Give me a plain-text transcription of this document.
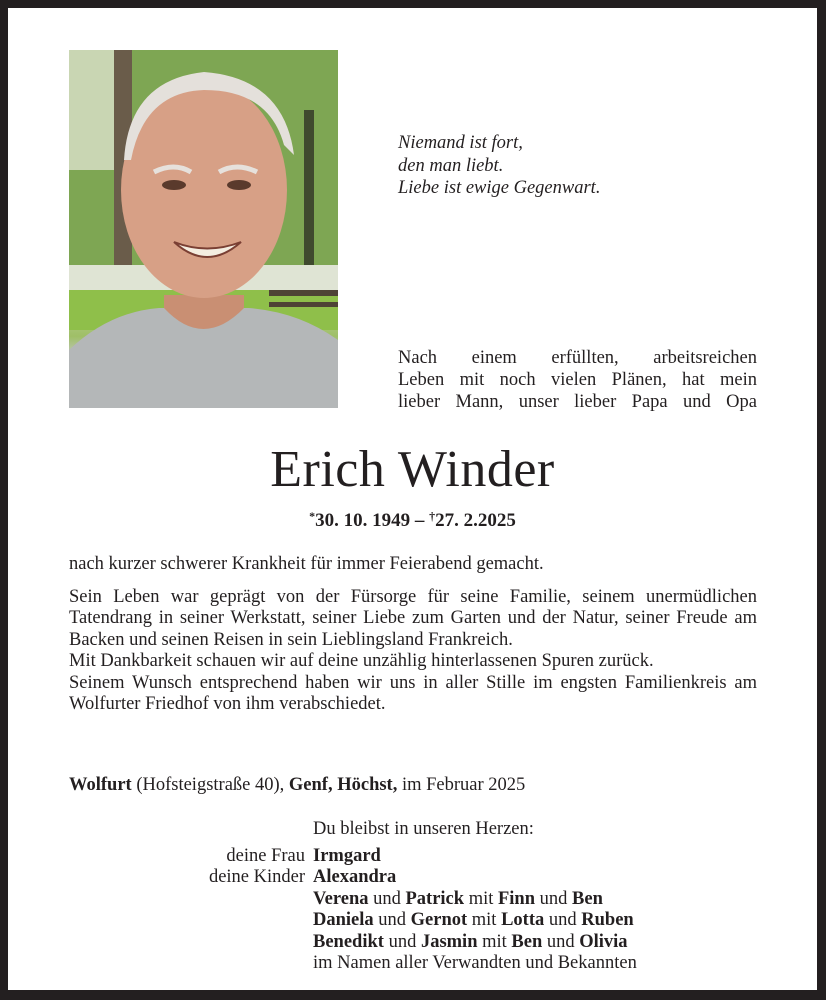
Niemand ist fort,
den man liebt.
Liebe ist ewige Gegenwart.
Nach einem erfüllten, arbeitsreichen
Leben mit noch vielen Plänen, hat mein
lieber Mann, unser lieber Papa und Opa
Erich Winder
*30. 10. 1949 – †27. 2.2025

nach kurzer schwerer Krankheit für immer Feierabend gemacht.

Sein Leben war geprägt von der Fürsorge für seine Familie, seinem unermüdlichen Tatendrang in seiner Werkstatt, seiner Liebe zum Garten und der Natur, seiner Freude am Backen und seinen Reisen in sein Lieblingsland Frankreich.

Mit Dankbarkeit schauen wir auf deine unzählig hinterlassenen Spuren zurück.

Seinem Wunsch entsprechend haben wir uns in aller Stille im engsten Familienkreis am Wolfurter Friedhof von ihm verabschiedet.

Wolfurt (Hofsteigstraße 40), Genf, Höchst, im Februar 2025
Du bleibst in unseren Herzen:
deine Frau Irmgard
deine Kinder Alexandra
Verena und Patrick mit Finn und Ben
Daniela und Gernot mit Lotta und Ruben
Benedikt und Jasmin mit Ben und Olivia
im Namen aller Verwandten und Bekannten
